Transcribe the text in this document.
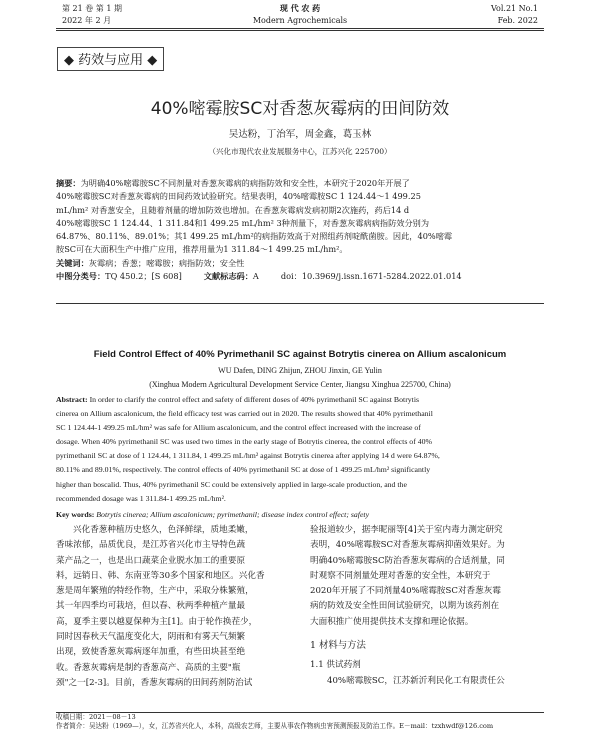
第 21 卷 第 1 期	现 代 农 药	Vol.21 No.1
2022 年 2 月	Modern Agrochemicals	Feb. 2022
◆ 药效与应用 ◆
40%嘧霉胺SC对香葱灰霉病的田间防效
吴达粉，丁治军，周金鑫，葛玉林
（兴化市现代农业发展服务中心，江苏兴化 225700）
摘要：为明确40%嘧霉胺SC不同剂量对香葱灰霉病的病指防效和安全性，本研究于2020年开展了
40%嘧霉胺SC对香葱灰霉病的田间药效试验研究。结果表明，40%嘧霉胺SC 1 124.44～1 499.25
mL/hm² 对香葱安全，且随着剂量的增加防效也增加。在香葱灰霉病发病初期2次施药，药后14 d
40%嘧霉胺SC 1 124.44、1 311.84和1 499.25 mL/hm² 3种剂量下，对香葱灰霉病病指防效分别为
64.87%、80.11%、89.01%；其1 499.25 mL/hm²的病指防效高于对照组药剂啶酰菌胺。因此，40%嘧霉
胺SC可在大面积生产中推广应用，推荐用量为1 311.84～1 499.25 mL/hm²。
关键词：灰霉病；香葱；嘧霉胺；病指防效；安全性
中图分类号：TQ 450.2；[S 608]	文献标志码：A	doi：10.3969/j.issn.1671-5284.2022.01.014
Field Control Effect of 40% Pyrimethanil SC against Botrytis cinerea on Allium ascalonicum
WU Dafen, DING Zhijun, ZHOU Jinxin, GE Yulin
(Xinghua Modern Agricultural Development Service Center, Jiangsu Xinghua 225700, China)
Abstract: In order to clarify the control effect and safety of different doses of 40% pyrimethanil SC against Botrytis
cinerea on Allium ascalonicum, the field efficacy test was carried out in 2020. The results showed that 40% pyrimethanil
SC 1 124.44-1 499.25 mL/hm² was safe for Allium ascalonicum, and the control effect increased with the increase of
dosage. When 40% pyrimethanil SC was used two times in the early stage of Botrytis cinerea, the control effects of 40%
pyrimethanil SC at dose of 1 124.44, 1 311.84, 1 499.25 mL/hm² against Botrytis cinerea after applying 14 d were 64.87%,
80.11% and 89.01%, respectively. The control effects of 40% pyrimethanil SC at dose of 1 499.25 mL/hm² significantly
higher than boscalid. Thus, 40% pyrimethanil SC could be extensively applied in large-scale production, and the
recommended dosage was 1 311.84-1 499.25 mL/hm².
Key words: Botrytis cinerea; Allium ascalonicum; pyrimethanil; disease index control effect; safety
兴化香葱种植历史悠久，色泽鲜绿，质地柔嫩，
香味浓郁，品质优良，是江苏省兴化市主导特色蔬
菜产品之一，也是出口蔬菜企业脱水加工的重要原
料，远销日、韩、东南亚等30多个国家和地区。兴化香
葱是周年繁殖的特经作物，生产中，采取分株繁殖，
其一年四季均可栽培，但以春、秋两季种植产量最
高，夏季主要以越夏保种为主[1]。由于轮作换茬少，
同时因春秋天气温度变化大，阴雨和有雾天气频繁
出现，致使香葱灰霉病逐年加重，有些田块甚至绝
收。香葱灰霉病是制约香葱高产、高质的主要"瓶
颈"之一[2-3]。目前，香葱灰霉病的田间药剂防治试
验报道较少，据李昵丽等[4]关于室内毒力测定研究
表明，40%嘧霉胺SC对香葱灰霉病抑菌效果好。为
明确40%嘧霉胺SC防治香葱灰霉病的合适剂量，同
时观察不同剂量处理对香葱的安全性，本研究于
2020年开展了不同剂量40%嘧霉胺SC对香葱灰霉
病的防效及安全性田间试验研究，以期为该药剂在
大面积推广使用提供技术支撑和理论依据。
1 材料与方法
1.1 供试药剂
40%嘧霉胺SC，江苏新沂利民化工有限责任公
收稿日期：2021－08－13
作者简介：吴达粉（1969—），女，江苏省兴化人，本科，高级农艺师，主要从事农作物病虫害预测预报及防治工作。E－mail：tzxhwdf@126.com
